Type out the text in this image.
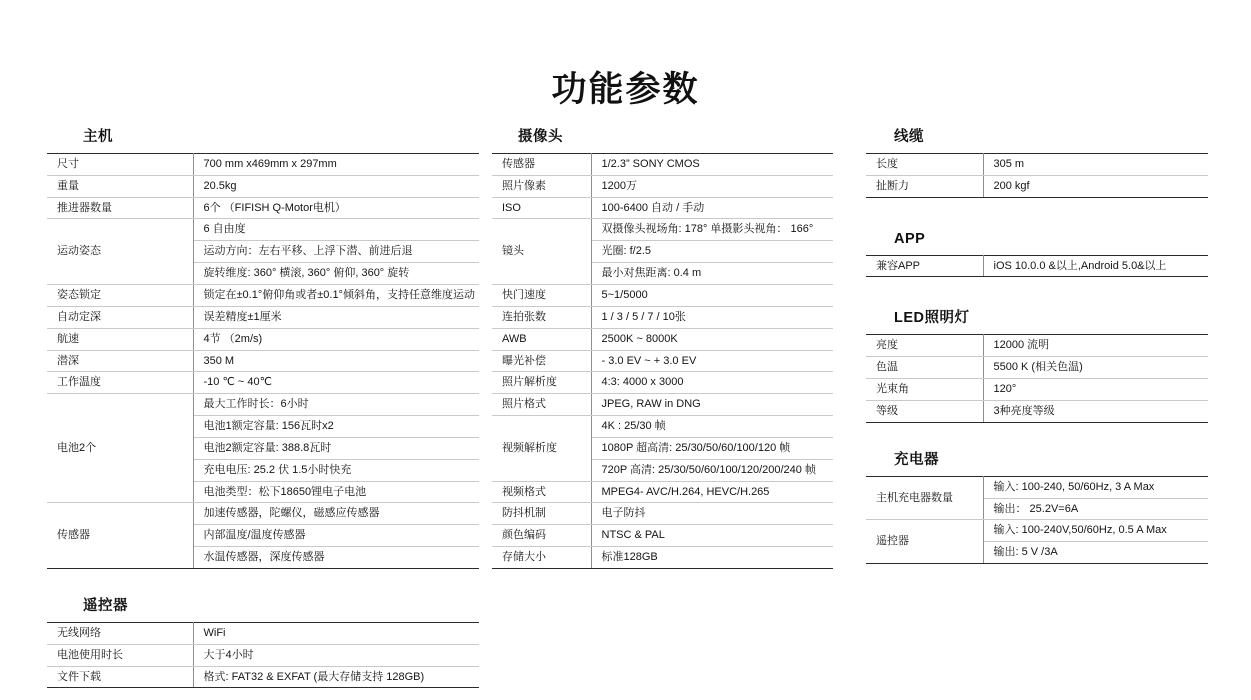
功能参数
主机
尺寸	700 mm x469mm x 297mm
重量	20.5kg
推进器数量	6个 （FIFISH Q-Motor电机）
运动姿态	6 自由度
	运动方向：左右平移、上浮下潜、前进后退
	旋转维度: 360° 横滚, 360° 俯仰, 360° 旋转
姿态锁定	锁定在±0.1°俯仰角或者±0.1°倾斜角，支持任意维度运动
自动定深	误差精度±1厘米
航速	4节 （2m/s)
潜深	350 M
工作温度	-10 ℃ ~ 40℃
电池2个	最大工作时长：6小时
	电池1额定容量: 156瓦时x2
	电池2额定容量: 388.8瓦时
	充电电压: 25.2 伏 1.5小时快充
	电池类型：松下18650锂电子电池
传感器	加速传感器，陀螺仪，磁感应传感器
	内部温度/温度传感器
	水温传感器，深度传感器
遥控器
无线网络	WiFi
电池使用时长	大于4小时
文件下载	格式: FAT32 & EXFAT (最大存储支持 128GB)
摄像头
传感器	1/2.3” SONY CMOS
照片像素	1200万
ISO	100-6400 自动 / 手动
镜头	双摄像头视场角: 178° 单摄影头视角： 166°
	光圈: f/2.5
	最小对焦距离: 0.4 m
快门速度	5~1/5000
连拍张数	1 / 3 / 5 / 7 / 10张
AWB	2500K ~ 8000K
曝光补偿	- 3.0 EV ~ + 3.0 EV
照片解析度	4:3: 4000 x 3000
照片格式	JPEG, RAW in DNG
视频解析度	4K : 25/30 帧
	1080P 超高清: 25/30/50/60/100/120 帧
	720P 高清: 25/30/50/60/100/120/200/240 帧
视频格式	MPEG4- AVC/H.264, HEVC/H.265
防抖机制	电子防抖
颜色编码	NTSC & PAL
存储大小	标准128GB
线缆
长度	305 m
扯断力	200 kgf
APP
兼容APP	iOS 10.0.0 &以上,Android 5.0&以上
LED照明灯
亮度	12000 流明
色温	5500 K (相关色温)
光束角	120°
等级	3种亮度等级
充电器
主机充电器数量	输入: 100-240, 50/60Hz, 3 A Max
	输出： 25.2V=6A
遥控器	输入: 100-240V,50/60Hz, 0.5 A Max
	输出: 5 V /3A
